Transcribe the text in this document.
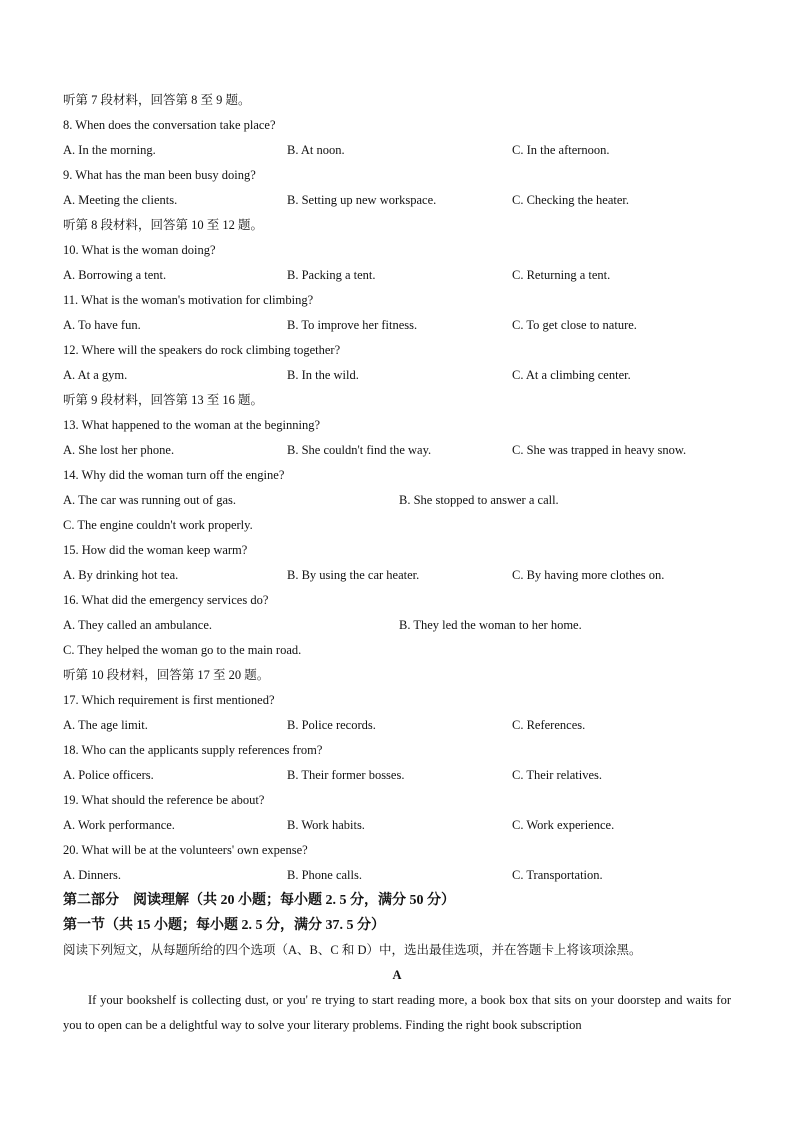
听第 7 段材料，回答第 8 至 9 题。
8. When does the conversation take place?
A. In the morning.	B. At noon.	C. In the afternoon.
9. What has the man been busy doing?
A. Meeting the clients.	B. Setting up new workspace.	C. Checking the heater.
听第 8 段材料，回答第 10 至 12 题。
10. What is the woman doing?
A. Borrowing a tent.	B. Packing a tent.	C. Returning a tent.
11. What is the woman's motivation for climbing?
A. To have fun.	B. To improve her fitness.	C. To get close to nature.
12. Where will the speakers do rock climbing together?
A. At a gym.	B. In the wild.	C. At a climbing center.
听第 9 段材料，回答第 13 至 16 题。
13. What happened to the woman at the beginning?
A. She lost her phone.	B. She couldn't find the way.	C. She was trapped in heavy snow.
14. Why did the woman turn off the engine?
A. The car was running out of gas.	B. She stopped to answer a call.
C. The engine couldn't work properly.
15. How did the woman keep warm?
A. By drinking hot tea.	B. By using the car heater.	C. By having more clothes on.
16. What did the emergency services do?
A. They called an ambulance.	B. They led the woman to her home.
C. They helped the woman go to the main road.
听第 10 段材料，回答第 17 至 20 题。
17. Which requirement is first mentioned?
A. The age limit.	B. Police records.	C. References.
18. Who can the applicants supply references from?
A. Police officers.	B. Their former bosses.	C. Their relatives.
19. What should the reference be about?
A. Work performance.	B. Work habits.	C. Work experience.
20. What will be at the volunteers' own expense?
A. Dinners.	B. Phone calls.	C. Transportation.
第二部分　阅读理解（共 20 小题；每小题 2. 5 分，满分 50 分）
第一节（共 15 小题；每小题 2. 5 分，满分 37. 5 分）
阅读下列短文，从每题所给的四个选项（A、B、C 和 D）中，选出最佳选项，并在答题卡上将该项涂黑。
A
If your bookshelf is collecting dust, or you' re trying to start reading more, a book box that sits on your doorstep and waits for you to open can be a delightful way to solve your literary problems. Finding the right book subscription
